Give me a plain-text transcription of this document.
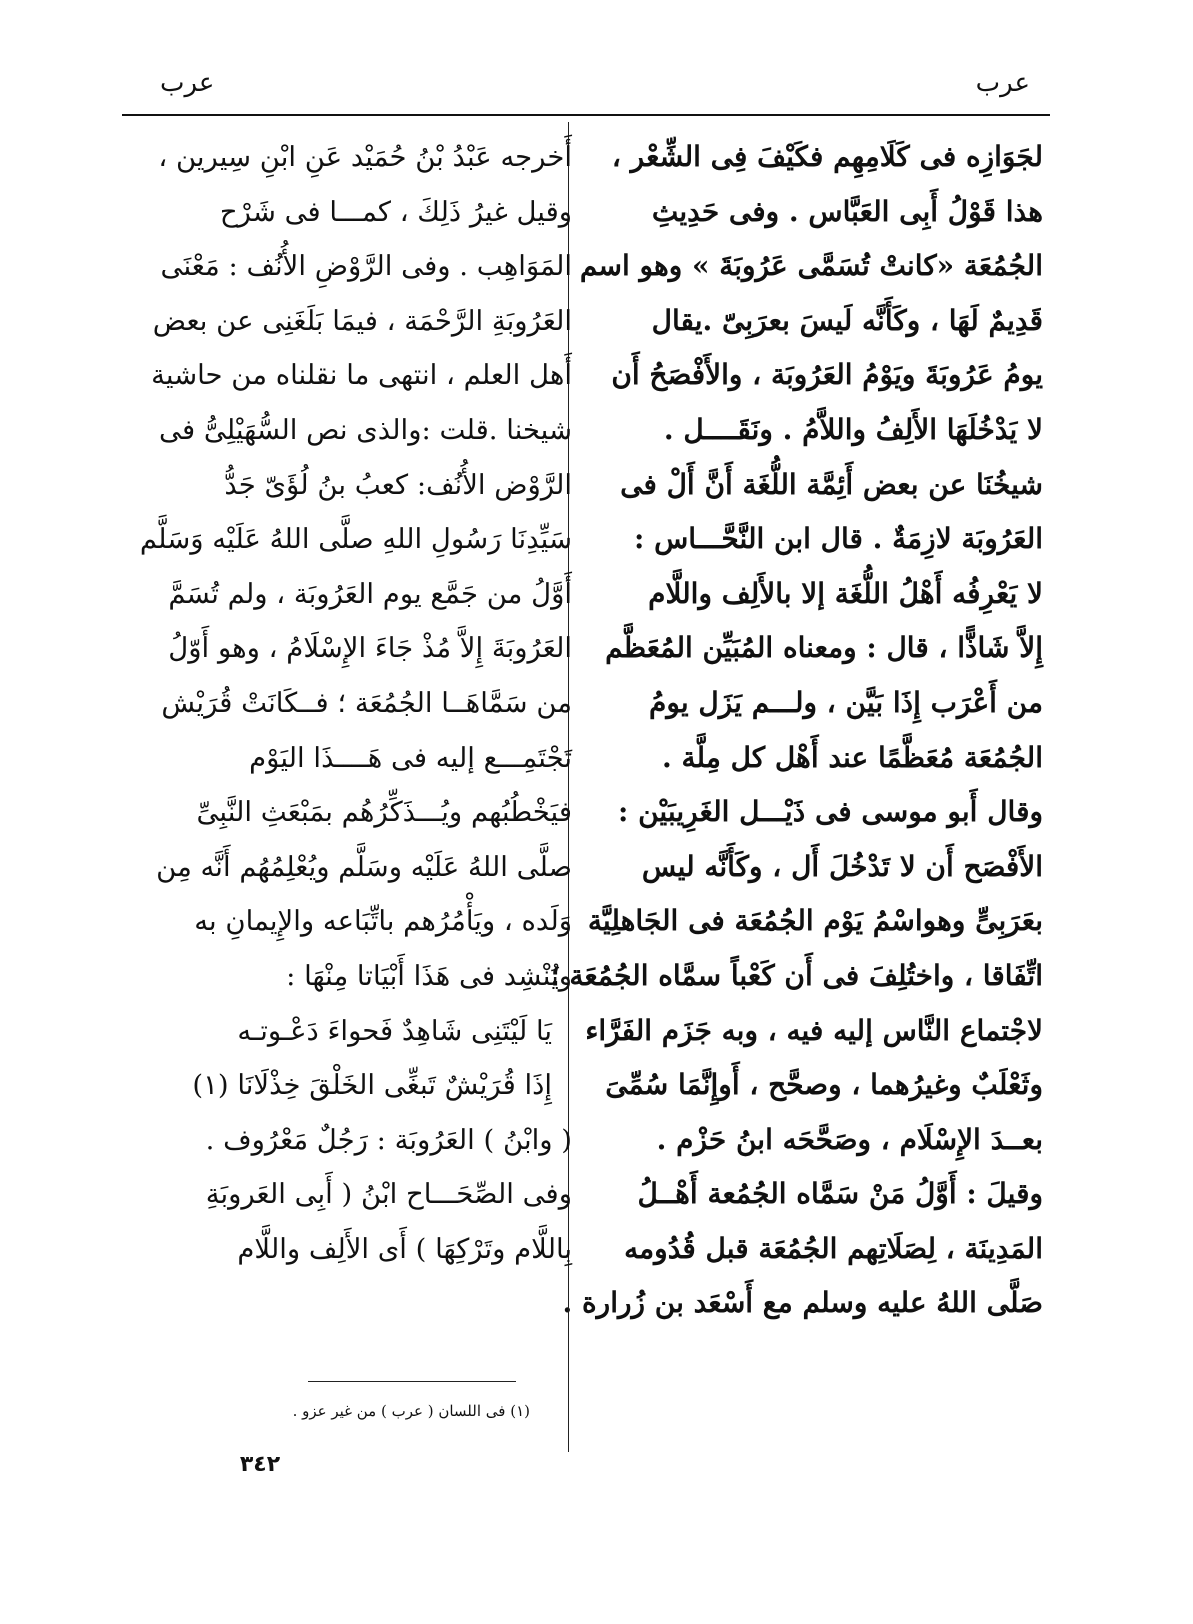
عرب
عرب
لجَوَازِه فى كَلَامِهِم فكَيْفَ فِى الشِّعْر ،
هذا قَوْلُ أَبِى العَبَّاس . وفى حَدِيثِ
الجُمُعَة «كانتْ تُسَمَّى عَرُوبَةَ » وهو اسم
قَدِيمٌ لَهَا ، وكَأَنَّه لَيسَ بعرَبِىّ .يقال
يومُ عَرُوبَةَ ويَوْمُ العَرُوبَة ، والأَفْصَحُ أَن
لا يَدْخُلَهَا الأَلِفُ واللاَّمُ . ونَقَــــل .
شيخُنَا عن بعض أَئِمَّة اللُّغَة أَنَّ أَلْ فى
العَرُوبَة لازِمَةٌ . قال ابن النَّحَّـــاس :
لا يَعْرِفُه أَهْلُ اللُّغَة إلا بالأَلِف واللَّام
إِلاَّ شَاذًّا ، قال : ومعناه المُبَيِّن المُعَظَّم
من أَعْرَب إِذَا بَيَّن ، ولـــم يَزَل يومُ
الجُمُعَة مُعَظَّمًا عند أَهْل كل مِلَّة .
وقال أَبو موسى فى ذَيْـــل الغَرِيبَيْن :
الأَفْصَح أَن لا تَدْخُلَ أَل ، وكَأَنَّه ليس
بعَرَبِىٍّ وهواسْمُ يَوْم الجُمُعَة فى الجَاهلِيَّة
اتِّفَاقا ، واختُلِفَ فى أَن كَعْباً سمَّاه الجُمُعَة ؛
لاجْتماع النَّاس إليه فيه ، وبه جَزَم الفَرَّاء
وثَعْلَبٌ وغيرُهما ، وصحَّح ، أَوإِنَّمَا سُمِّىَ
بعــدَ الإِسْلَام ، وصَحَّحَه ابنُ حَزْم .
وقيلَ : أَوَّلُ مَنْ سَمَّاه الجُمُعة أَهْــلُ
المَدِينَة ، لِصَلَاتِهم الجُمُعَة قبل قُدُومه
صَلَّى اللهُ عليه وسلم مع أَسْعَد بن زُرارة .
أَخرجه عَبْدُ بْنُ حُمَيْد عَنِ ابْنِ سِيرين ،
وقيل غيرُ ذَلِكَ ، كمـــا فى شَرْح
المَوَاهِب . وفى الرَّوْضِ الأُنُف : مَعْنَى
العَرُوبَةِ الرَّحْمَة ، فيمَا بَلَغَنِى عن بعض
أَهل العلم ، انتهى ما نقلناه من حاشية
شيخنا .قلت :والذى نص السُّهَيْلِىُّ فى
الرَّوْض الأُنُف: كعبُ بنُ لُؤَىّ جَدُّ
سَيِّدِنَا رَسُولِ اللهِ صلَّى اللهُ عَلَيْه وَسَلَّم
أَوَّلُ من جَمَّع يوم العَرُوبَة ، ولم تُسَمَّ
العَرُوبَةَ إِلاَّ مُذْ جَاءَ الإِسْلَامُ ، وهو أَوّلُ
من سَمَّاهَــا الجُمُعَة ؛ فــكَانَتْ قُرَيْش
تَجْتَمِـــع إليه فى هَــــذَا اليَوْم
فيَخْطُبُهم ويُـــذَكِّرُهُم بمَبْعَثِ النَّبِىِّ
صلَّى اللهُ عَلَيْه وسَلَّم ويُعْلِمُهُم أَنَّه مِن
وَلَده ، ويَأْمُرُهم باتِّبَاعه والإِيمانِ به
ويُنْشِد فى هَذَا أَبْيَاتا مِنْهَا :
يَا لَيْتَنِى شَاهِدٌ فَحواءَ دَعْـوتـه
إِذَا قُرَيْشٌ تَبغِّى الخَلْقَ خِذْلَانَا (١)
( وابْنُ ) العَرُوبَة : رَجُلٌ مَعْرُوف .
وفى الصِّحَـــاح ابْنُ ( أَبِى العَروبَةِ
بِاللَّام وتَرْكِهَا ) أَى الأَلِف واللَّام
(١) فى اللسان ( عرب ) من غير عزو .
٣٤٢
